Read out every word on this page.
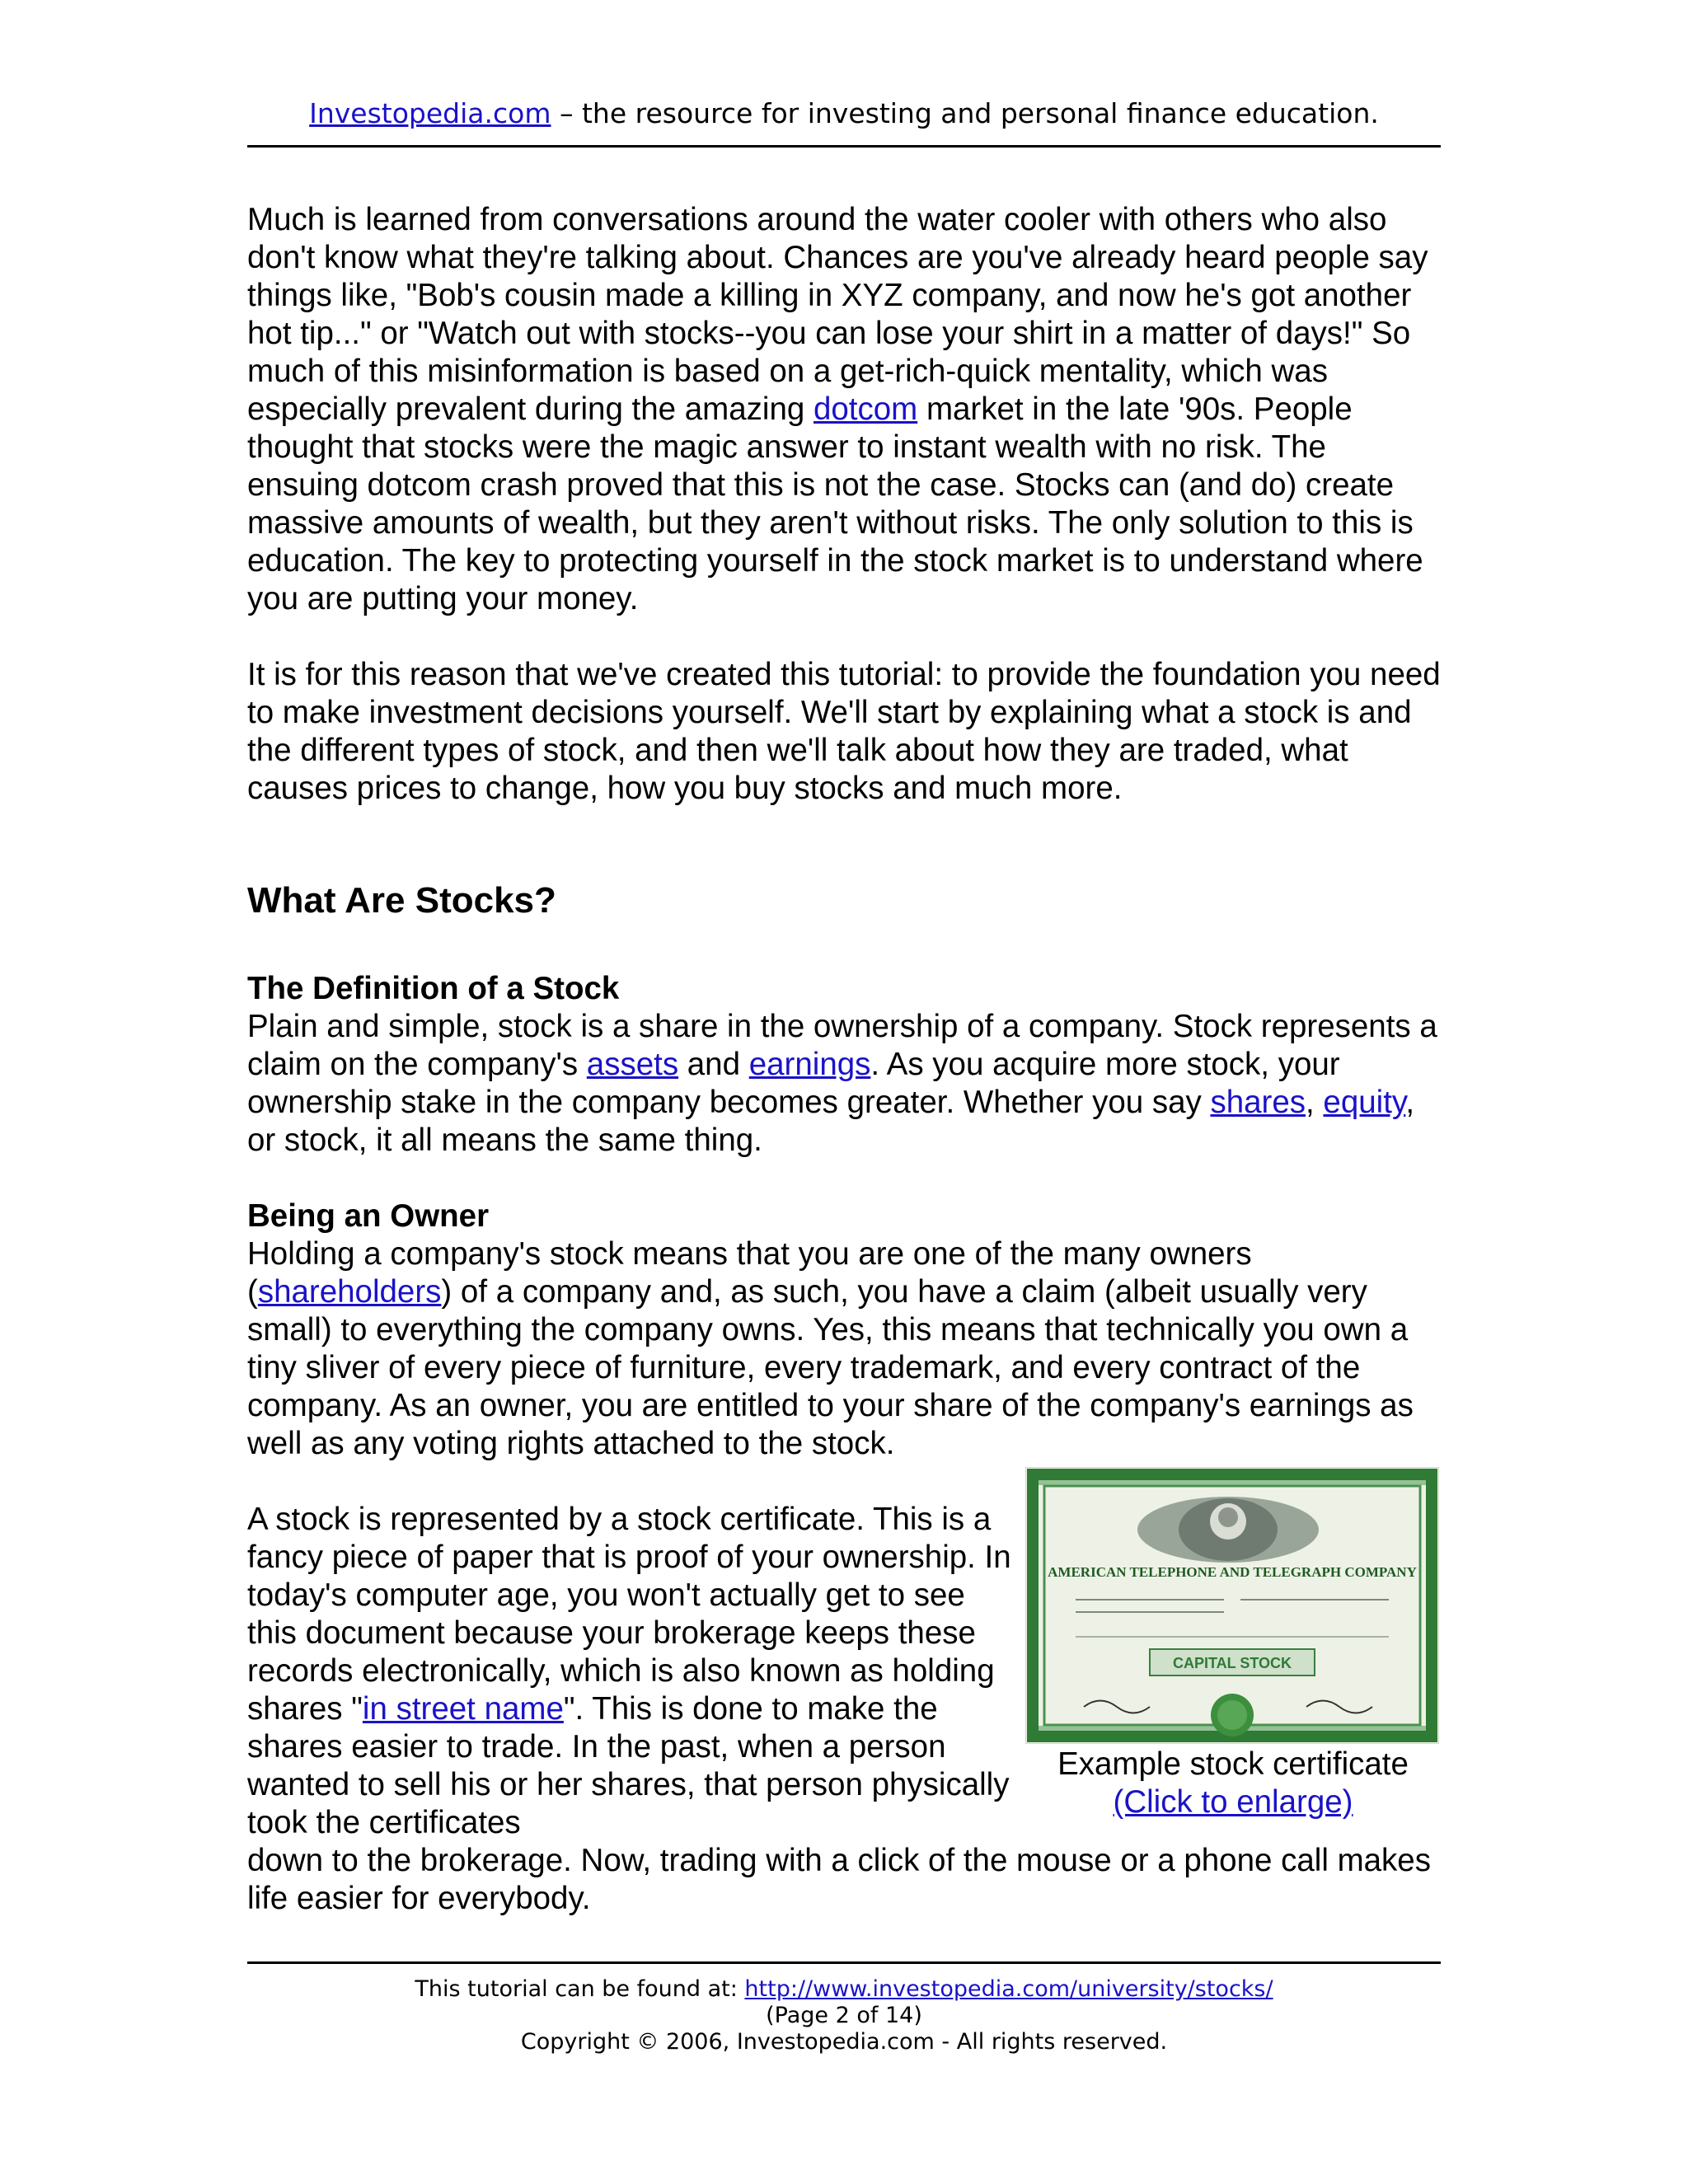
Investopedia.com – the resource for investing and personal finance education.
Much is learned from conversations around the water cooler with others who also don't know what they're talking about. Chances are you've already heard people say things like, "Bob's cousin made a killing in XYZ company, and now he's got another hot tip..." or "Watch out with stocks--you can lose your shirt in a matter of days!" So much of this misinformation is based on a get-rich-quick mentality, which was especially prevalent during the amazing dotcom market in the late '90s. People thought that stocks were the magic answer to instant wealth with no risk. The ensuing dotcom crash proved that this is not the case. Stocks can (and do) create massive amounts of wealth, but they aren't without risks. The only solution to this is education. The key to protecting yourself in the stock market is to understand where you are putting your money.
It is for this reason that we've created this tutorial: to provide the foundation you need to make investment decisions yourself. We'll start by explaining what a stock is and the different types of stock, and then we'll talk about how they are traded, what causes prices to change, how you buy stocks and much more.
What Are Stocks?
The Definition of a Stock
Plain and simple, stock is a share in the ownership of a company. Stock represents a claim on the company's assets and earnings. As you acquire more stock, your ownership stake in the company becomes greater. Whether you say shares, equity, or stock, it all means the same thing.
Being an Owner
Holding a company's stock means that you are one of the many owners (shareholders) of a company and, as such, you have a claim (albeit usually very small) to everything the company owns. Yes, this means that technically you own a tiny sliver of every piece of furniture, every trademark, and every contract of the company. As an owner, you are entitled to your share of the company's earnings as well as any voting rights attached to the stock.
A stock is represented by a stock certificate. This is a fancy piece of paper that is proof of your ownership. In today's computer age, you won't actually get to see this document because your brokerage keeps these records electronically, which is also known as holding shares "in street name". This is done to make the shares easier to trade. In the past, when a person wanted to sell his or her shares, that person physically took the certificates
down to the brokerage. Now, trading with a click of the mouse or a phone call makes life easier for everybody.
AMERICAN TELEPHONE AND TELEGRAPH COMPANY
CAPITAL STOCK
Example stock certificate
(Click to enlarge)
This tutorial can be found at: http://www.investopedia.com/university/stocks/
(Page 2 of 14)
Copyright © 2006, Investopedia.com - All rights reserved.
